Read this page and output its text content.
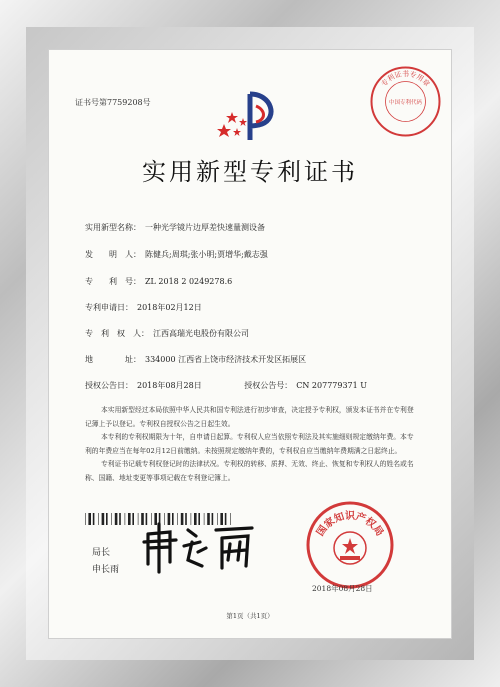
证书号第7759208号
专利证书专用章
中国专利代码
实用新型专利证书
实用新型名称： 一种光学镜片边厚差快速量测设备
发　　明　人： 陈健兵;周琪;张小明;贾增华;戴志强
专　　利　号： ZL 2018 2 0249278.6
专利申请日： 2018年02月12日
专　利　权　人： 江西高瑞光电股份有限公司
地　　　　址： 334000 江西省上饶市经济技术开发区拓展区
授权公告日： 2018年08月28日	授权公告号： CN 207779371 U

本实用新型经过本局依照中华人民共和国专利法进行初步审查，决定授予专利权，颁发本证书并在专利登记簿上予以登记。专利权自授权公告之日起生效。

本专利的专利权期限为十年，自申请日起算。专利权人应当依照专利法及其实施细则规定缴纳年费。本专利的年费应当在每年02月12日前缴纳。未按照规定缴纳年费的，专利权自应当缴纳年费期满之日起终止。

专利证书记载专利权登记时的法律状况。专利权的转移、质押、无效、终止、恢复和专利权人的姓名或名称、国籍、地址变更等事项记载在专利登记簿上。

局长
申长雨
国家知识产权局
2018年08月28日
第1页（共1页）
